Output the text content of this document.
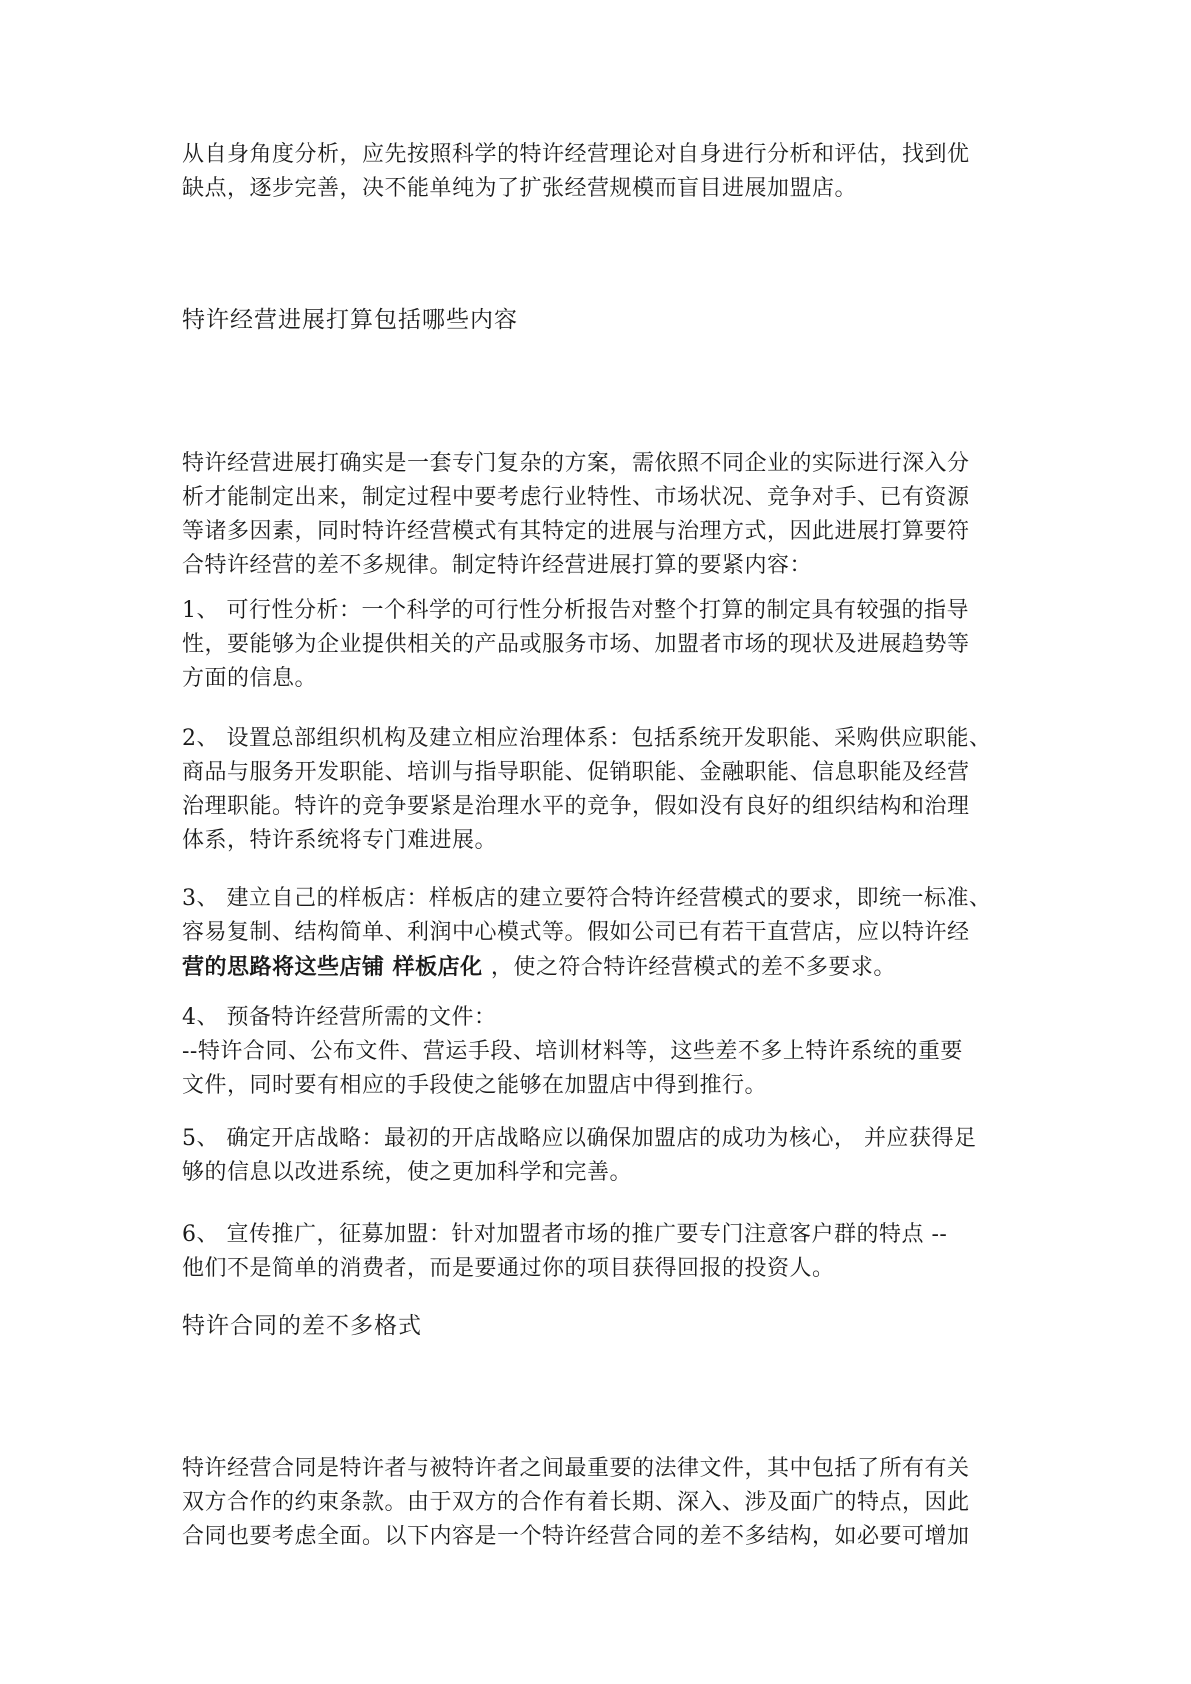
从自身角度分析，应先按照科学的特许经营理论对自身进行分析和评估，找到优
缺点，逐步完善，决不能单纯为了扩张经营规模而盲目进展加盟店。
特许经营进展打算包括哪些内容
特许经营进展打确实是一套专门复杂的方案，需依照不同企业的实际进行深入分
析才能制定出来，制定过程中要考虑行业特性、市场状况、竞争对手、已有资源
等诸多因素，同时特许经营模式有其特定的进展与治理方式，因此进展打算要符
合特许经营的差不多规律。制定特许经营进展打算的要紧内容：
1、 可行性分析：一个科学的可行性分析报告对整个打算的制定具有较强的指导
性，要能够为企业提供相关的产品或服务市场、加盟者市场的现状及进展趋势等
方面的信息。
2、 设置总部组织机构及建立相应治理体系：包括系统开发职能、采购供应职能、
商品与服务开发职能、培训与指导职能、促销职能、金融职能、信息职能及经营
治理职能。特许的竞争要紧是治理水平的竞争，假如没有良好的组织结构和治理
体系，特许系统将专门难进展。
3、 建立自己的样板店：样板店的建立要符合特许经营模式的要求，即统一标准、
容易复制、结构简单、利润中心模式等。假如公司已有若干直营店，应以特许经
营的思路将这些店铺 样板店化 ，使之符合特许经营模式的差不多要求。
4、 预备特许经营所需的文件：
--特许合同、公布文件、营运手段、培训材料等，这些差不多上特许系统的重要
文件，同时要有相应的手段使之能够在加盟店中得到推行。
5、 确定开店战略：最初的开店战略应以确保加盟店的成功为核心， 并应获得足
够的信息以改进系统，使之更加科学和完善。
6、 宣传推广，征募加盟：针对加盟者市场的推广要专门注意客户群的特点 --
他们不是简单的消费者，而是要通过你的项目获得回报的投资人。
特许合同的差不多格式
特许经营合同是特许者与被特许者之间最重要的法律文件，其中包括了所有有关
双方合作的约束条款。由于双方的合作有着长期、深入、涉及面广的特点，因此
合同也要考虑全面。以下内容是一个特许经营合同的差不多结构，如必要可增加
